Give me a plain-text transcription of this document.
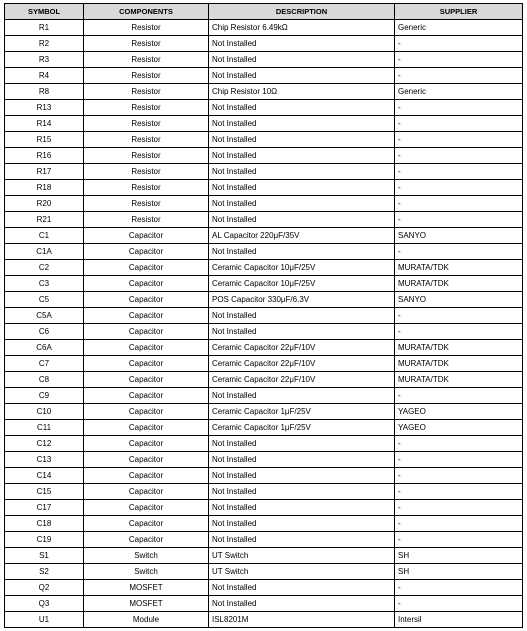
SYMBOL	COMPONENTS	DESCRIPTION	SUPPLIER
R1	Resistor	Chip Resistor 6.49kΩ	Generic
R2	Resistor	Not Installed	-
R3	Resistor	Not Installed	-
R4	Resistor	Not Installed	-
R8	Resistor	Chip Resistor 10Ω	Generic
R13	Resistor	Not Installed	-
R14	Resistor	Not Installed	-
R15	Resistor	Not Installed	-
R16	Resistor	Not Installed	-
R17	Resistor	Not Installed	-
R18	Resistor	Not Installed	-
R20	Resistor	Not Installed	-
R21	Resistor	Not Installed	-
C1	Capacitor	AL Capacitor 220μF/35V	SANYO
C1A	Capacitor	Not Installed	-
C2	Capacitor	Ceramic Capacitor 10μF/25V	MURATA/TDK
C3	Capacitor	Ceramic Capacitor 10μF/25V	MURATA/TDK
C5	Capacitor	POS Capacitor 330μF/6.3V	SANYO
C5A	Capacitor	Not Installed	-
C6	Capacitor	Not Installed	-
C6A	Capacitor	Ceramic Capacitor 22μF/10V	MURATA/TDK
C7	Capacitor	Ceramic Capacitor 22μF/10V	MURATA/TDK
C8	Capacitor	Ceramic Capacitor 22μF/10V	MURATA/TDK
C9	Capacitor	Not Installed	-
C10	Capacitor	Ceramic Capacitor 1μF/25V	YAGEO
C11	Capacitor	Ceramic Capacitor 1μF/25V	YAGEO
C12	Capacitor	Not Installed	-
C13	Capacitor	Not Installed	-
C14	Capacitor	Not Installed	-
C15	Capacitor	Not Installed	-
C17	Capacitor	Not Installed	-
C18	Capacitor	Not Installed	-
C19	Capacitor	Not Installed	-
S1	Switch	UT Switch	SH
S2	Switch	UT Switch	SH
Q2	MOSFET	Not Installed	-
Q3	MOSFET	Not Installed	-
U1	Module	ISL8201M	Intersil
